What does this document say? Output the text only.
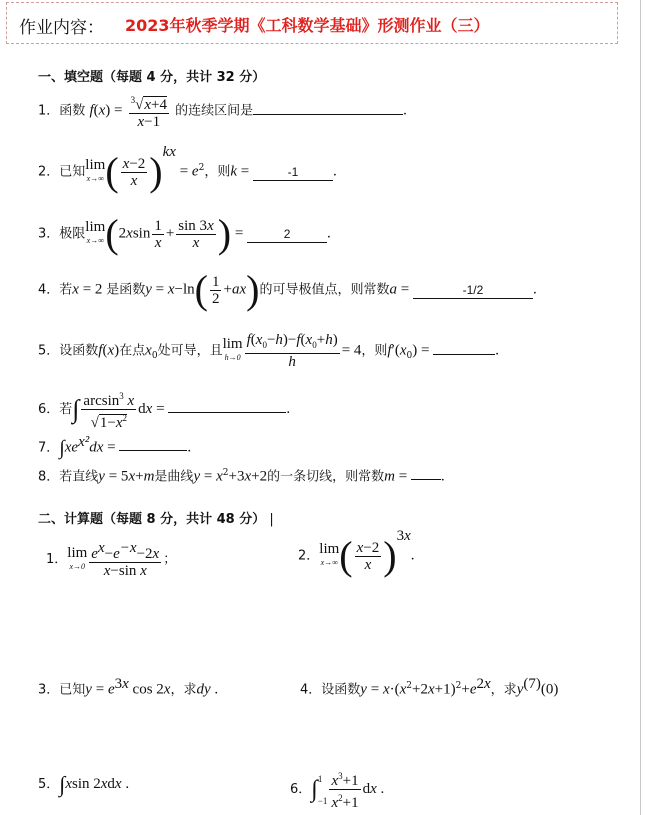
作业内容： 2023年秋季学期《工科数学基础》形测作业（三）
一、填空题（每题 4 分，共计 32 分）
1．函数 $f(x) = \frac{^3√x+4}{x-1}$ 的连续区间是	.
2．已知 lim
x→∞ ( $\frac{x-2}{x} )^{kx} = e^2$，则k =	-1 .
3．极限 lim
x→∞ ($2xsin \frac{1}{x} + \frac{\sin 3x}{x}$ ) =	2 .
4．若x = 2 是函数$y = x-\ln( \frac{1}{2} +ax)$的可导极值点，则常数a =	-1/2	.
5．设函数f(x)在点$x_0$处可导，且 lim
$h\to 0 \frac{f(x_0-h)-f(x_0+h)}{h} = 4$，则$f'(x_0)$ =	.
6．若∫ $\frac{\arcsin^3 x}{√1-x^2}$ dx =	.
7．$\int xe^{x^2}dx$ =	.
8．若直线y = 5x+m是曲线$y = x^2+3x+2$的一条切线，则常数m = .
二、计算题（每题 8 分，共计 48 分） |
1． lim
$x\to 0 \frac{e^x-e^{-x}-2x}{\text{x−sin x}}$ ；	2． lim
x→∞ ( $\frac{x-2}{x} )^{3x}$.
3．已知$y = e^{3x}$ cos 2x，求dy .	4．设函数$y = x\cdot(x^2+2x+1)^2+e^{2x}$，求$y^{(7)}(0)$
5．∫xsin 2xdx .	6．∫ 1
$-1 \frac{x^3+1}{x^2+1}$ dx .
